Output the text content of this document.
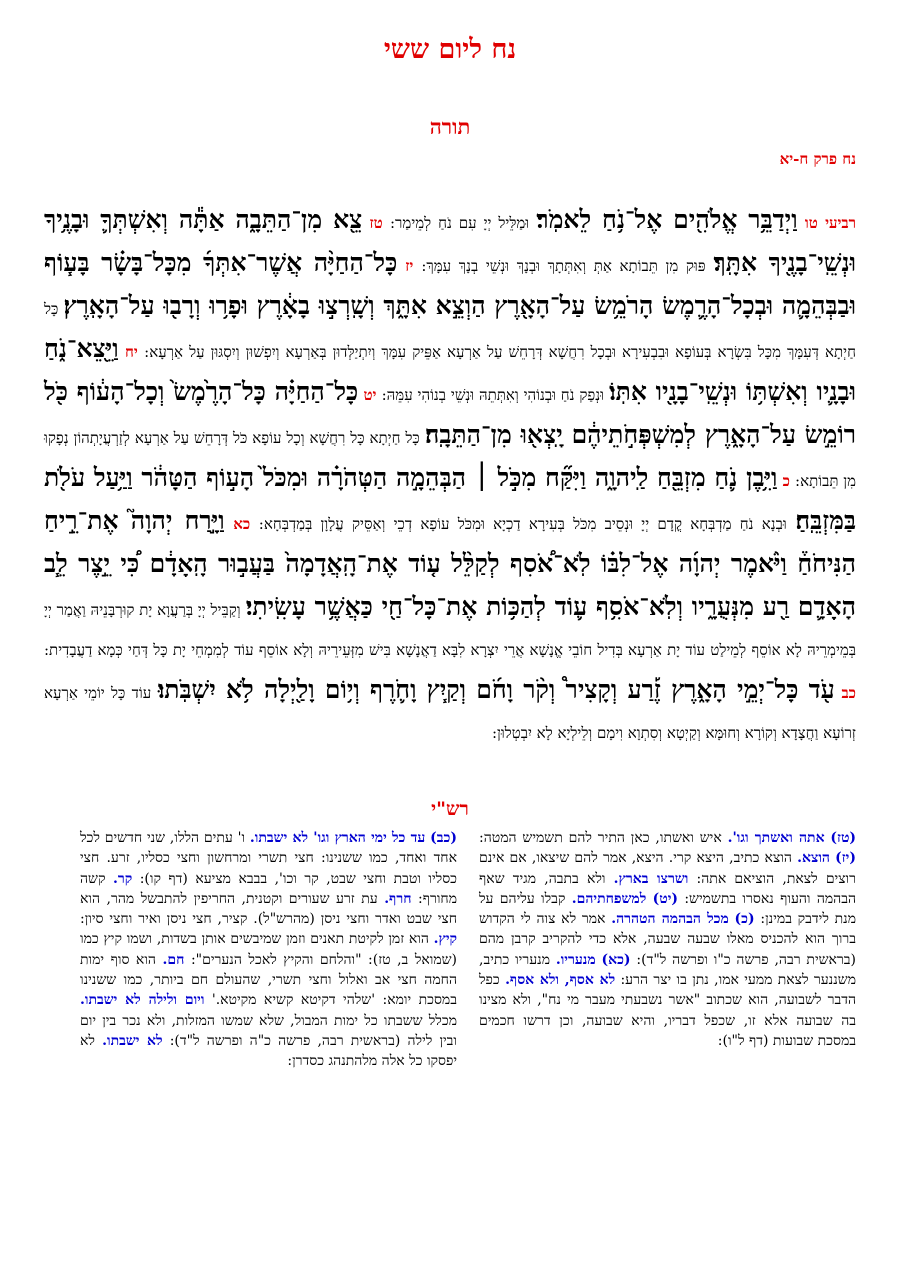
נח ליום ששי
תורה
נח פרק ח-יא
רביעי טו וַיְדַבֵּ֥ר אֱלֹהִ֖ים אֶל־נֹ֥חַ לֵאמֹֽר׃ וּמַלֵּיל יְיָ עִם נֹחַ לְמֵימַר: טז צֵ֖א מִן־הַתֵּבָ֑ה אַתָּ֕ה וְאִשְׁתְּךָ֛ וּבָנֶ֥יךָ וּנְשֵֽׁי־בָנֶ֖יךָ אִתָּֽךְ׃ פּוּק מִן תֵּבוֹתָא אַתְּ וְאִתְּתָךְ וּבְנָךְ וּנְשֵׁי בְנָךְ עִמָּךְ: יז כָּל־הַחַיָּ֨ה אֲשֶׁר־אִתְּךָ֜ מִכָּל־בָּשָׂ֗ר בָּע֧וֹף וּבַבְּהֵמָ֛ה וּבְכָל־הָרֶ֛מֶשׂ הָרֹמֵ֥שׂ עַל־הָאָ֖רֶץ הַוְצֵ֣א אִתָּ֑ךְ וְשָֽׁרְצ֣וּ בָאָ֔רֶץ וּפָר֥וּ וְרָב֖וּ עַל־הָאָֽרֶץ׃ כָּל חַיְתָא דְּעִמָּךְ מִכָּל בִּשְׂרָא בְּעוֹפָא וּבִבְעִירָא וּבְכָל רִחֲשָׁא דְּרָחֵשׁ עַל אַרְעָא אַפֵּיק עִמָּךְ וְיִתְיַלְּדוּן בְּאַרְעָא וְיִפְשׁוּן וְיִסְגּוּן עַל אַרְעָא: יח וַיֵּ֖צֵא־נֹ֑חַ וּבָנָ֛יו וְאִשְׁתּ֥וֹ וּנְשֵֽׁי־בָנָ֖יו אִתּֽוֹ׃ וּנְפַק נֹחַ וּבְנוֹהִי וְאִתְּתֵהּ וּנְשֵׁי בְנוֹהִי עִמֵּהּ: יט כָּל־הַחַיָּ֗ה כָּל־הָרֶ֙מֶשׂ֙ וְכָל־הָע֔וֹף כֹּ֖ל רוֹמֵ֣שׂ עַל־הָאָ֑רֶץ לְמִשְׁפְּחֹ֣תֵיהֶ֔ם יָֽצְא֖וּ מִן־הַתֵּבָֽה׃ כָּל חַיְתָא כָּל רִחֲשָׁא וְכָל עוֹפָא כֹּל דְּרָחֵשׁ עַל אַרְעָא לְזַרְעֲיָתְהוֹן נְפָקוּ מִן תֵּבוֹתָא: כ וַיִּ֥בֶן נֹ֛חַ מִזְבֵּ֖חַ לַֽיהוָ֑ה וַיִּקַּ֞ח מִכֹּ֣ל ׀ הַבְּהֵמָ֣ה הַטְּהֹרָ֗ה וּמִכֹּל֙ הָע֣וֹף הַטָּהֹ֔ר וַיַּ֥עַל עֹלֹ֖ת בַּמִּזְבֵּֽחַ׃ וּבְנָא נֹחַ מַדְבְּחָא קֳדָם יְיָ וּנְסֵיב מִכֹּל בְּעִירָא דַכְיָא וּמִכֹּל עוֹפָא דְכֵי וְאַסֵּיק עֲלָוָן בְּמַדְבְּחָא: כא וַיָּ֣רַח יְהוָה֮ אֶת־רֵ֣יחַ הַנִּיחֹחַ֒ וַיֹּ֨אמֶר יְהוָ֜ה אֶל־לִבּ֗וֹ לֹֽא־אֹ֠סִף לְקַלֵּ֨ל ע֤וֹד אֶת־הָֽאֲדָמָה֙ בַּעֲב֣וּר הָֽאָדָ֔ם כִּ֠י יֵ֣צֶר לֵ֧ב הָאָדָ֛ם רַ֖ע מִנְּעֻרָ֑יו וְלֹֽא־אֹסִ֥ף ע֛וֹד לְהַכּ֥וֹת אֶת־כָּל־חַ֖י כַּאֲשֶׁ֥ר עָשִֽׂיתִי׃ וְקַבֵּיל יְיָ בְּרַעֲוָא יָת קוּרְבָּנֵיהּ וַאֲמַר יְיָ בְּמֵימְרֵיהּ לָא אוֹסֵף לְמֵילַט עוֹד יָת אַרְעָא בְּדִיל חוֹבֵי אֱנָשָׁא אֲרֵי יִצְרָא לִבָּא דַאֲנָשָׁא בִּישׁ מִזְּעֵירֵיהּ וְלָא אוֹסֵף עוֹד לְמִמְחֵי יָת כָּל דְּחַי כְּמָא דַעֲבָדִית: כב עֹ֖ד כָּל־יְמֵ֣י הָאָ֑רֶץ זֶ֡רַע וְקָצִיר֩ וְקֹ֨ר וָחֹ֜ם וְקַ֧יִץ וָחֹ֛רֶף וְי֥וֹם וָלַ֖יְלָה לֹ֥א יִשְׁבֹּֽתוּ׃ עוֹד כָּל יוֹמֵי אַרְעָא זְרוֹעָא וַחֲצָדָא וְקוֹרָא וְחוּמָּא וְקַיְטָא וְסִתְוָא וִימָם וְלֵילְיָא לָא יִבְטְלוּן:
רש"י
(טז) אתה ואשתך וגו'. איש ואשתו, כאן התיר להם תשמיש המטה: (יז) הוצא. הוצא כתיב, היצא קרי. היצא, אמר להם שיצאו, אם אינם רוצים לצאת, הוציאם אתה: ושרצו בארץ. ולא בתבה, מגיד שאף הבהמה והעוף נאסרו בתשמיש: (יט) למשפחתיהם. קבלו עליהם על מנת לידבק במינן: (כ) מכל הבהמה הטהרה. אמר לא צוה לי הקדוש ברוך הוא להכניס מאלו שבעה שבעה, אלא כדי להקריב קרבן מהם (בראשית רבה, פרשה כ"ו ופרשה ל"ד): (כא) מנעריו. מנעריו כתיב, משננער לצאת ממעי אמו, נתן בו יצר הרע: לא אסף, ולא אסף. כפל הדבר לשבועה, הוא שכתוב "אשר נשבעתי מעבר מי נח", ולא מצינו בה שבועה אלא זו, שכפל דבריו, והיא שבועה, וכן דרשו חכמים במסכת שבועות (דף ל"ו):
(כב) עד כל ימי הארץ וגו' לא ישבתו. ו' עתים הללו, שני חדשים לכל אחד ואחד, כמו ששנינו: חצי תשרי ומרחשון וחצי כסליו, זרע. חצי כסליו וטבת וחצי שבט, קר וכו', בבבא מציעא (דף קו): קר. קשה מחורף: חרף. עת זרע שעורים וקטנית, החריפין להתבשל מהר, הוא חצי שבט ואדר וחצי ניסן (מהרש"ל). קציר, חצי ניסן ואיר וחצי סיון: קיץ. הוא זמן לקיטת תאנים וזמן שמיבשים אותן בשדות, ושמו קיץ כמו (שמואל ב, טז): "והלחם והקיץ לאכל הנערים": חם. הוא סוף ימות החמה חצי אב ואלול וחצי תשרי, שהעולם חם ביותר, כמו ששנינו במסכת יומא: 'שלהי דקיטא קשיא מקיטא.' ויום ולילה לא ישבתו. מכלל ששבתו כל ימות המבול, שלא שמשו המזלות, ולא נכר בין יום ובין לילה (בראשית רבה, פרשה כ"ה ופרשה ל"ד): לא ישבתו. לא יפסקו כל אלה מלהתנהג כסדרן:
